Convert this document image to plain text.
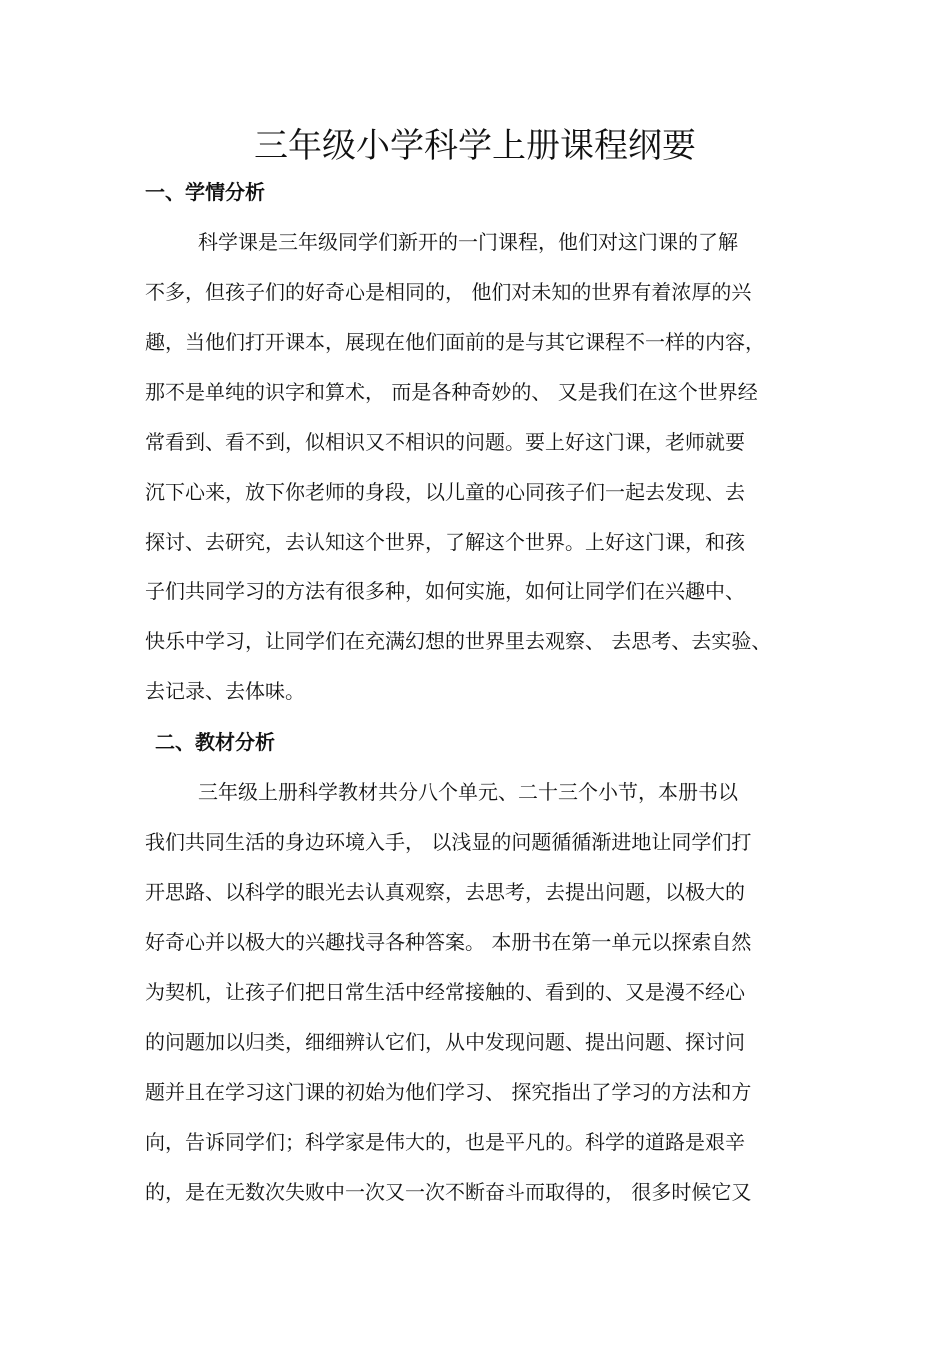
三年级小学科学上册课程纲要
一、学情分析

科学课是三年级同学们新开的一门课程，他们对这门课的了解

不多，但孩子们的好奇心是相同的， 他们对未知的世界有着浓厚的兴

趣，当他们打开课本，展现在他们面前的是与其它课程不一样的内容，

那不是单纯的识字和算术， 而是各种奇妙的、 又是我们在这个世界经

常看到、看不到，似相识又不相识的问题。要上好这门课，老师就要

沉下心来，放下你老师的身段，以儿童的心同孩子们一起去发现、去

探讨、去研究，去认知这个世界，了解这个世界。上好这门课，和孩

子们共同学习的方法有很多种，如何实施，如何让同学们在兴趣中、

快乐中学习，让同学们在充满幻想的世界里去观察、 去思考、去实验、

去记录、去体味。

二、教材分析

三年级上册科学教材共分八个单元、二十三个小节，本册书以

我们共同生活的身边环境入手， 以浅显的问题循循渐进地让同学们打

开思路、以科学的眼光去认真观察，去思考，去提出问题，以极大的

好奇心并以极大的兴趣找寻各种答案。 本册书在第一单元以探索自然

为契机，让孩子们把日常生活中经常接触的、看到的、又是漫不经心

的问题加以归类，细细辨认它们，从中发现问题、提出问题、探讨问

题并且在学习这门课的初始为他们学习、 探究指出了学习的方法和方

向，告诉同学们；科学家是伟大的，也是平凡的。科学的道路是艰辛

的，是在无数次失败中一次又一次不断奋斗而取得的， 很多时候它又
